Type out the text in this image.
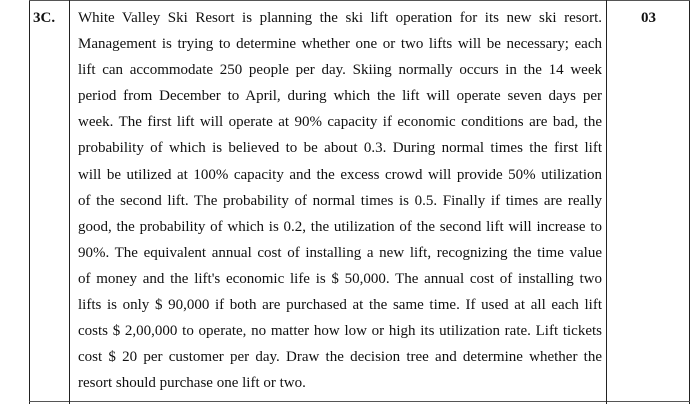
3C.	03
White Valley Ski Resort is planning the ski lift operation for its new ski resort.
Management is trying to determine whether one or two lifts will be necessary; each
lift can accommodate 250 people per day. Skiing normally occurs in the 14 week
period from December to April, during which the lift will operate seven days per
week. The first lift will operate at 90% capacity if economic conditions are bad, the
probability of which is believed to be about 0.3. During normal times the first lift
will be utilized at 100% capacity and the excess crowd will provide 50% utilization
of the second lift. The probability of normal times is 0.5. Finally if times are really
good, the probability of which is 0.2, the utilization of the second lift will increase to
90%. The equivalent annual cost of installing a new lift, recognizing the time value
of money and the lift's economic life is $ 50,000. The annual cost of installing two
lifts is only $ 90,000 if both are purchased at the same time. If used at all each lift
costs $ 2,00,000 to operate, no matter how low or high its utilization rate. Lift tickets
cost $ 20 per customer per day. Draw the decision tree and determine whether the
resort should purchase one lift or two.
